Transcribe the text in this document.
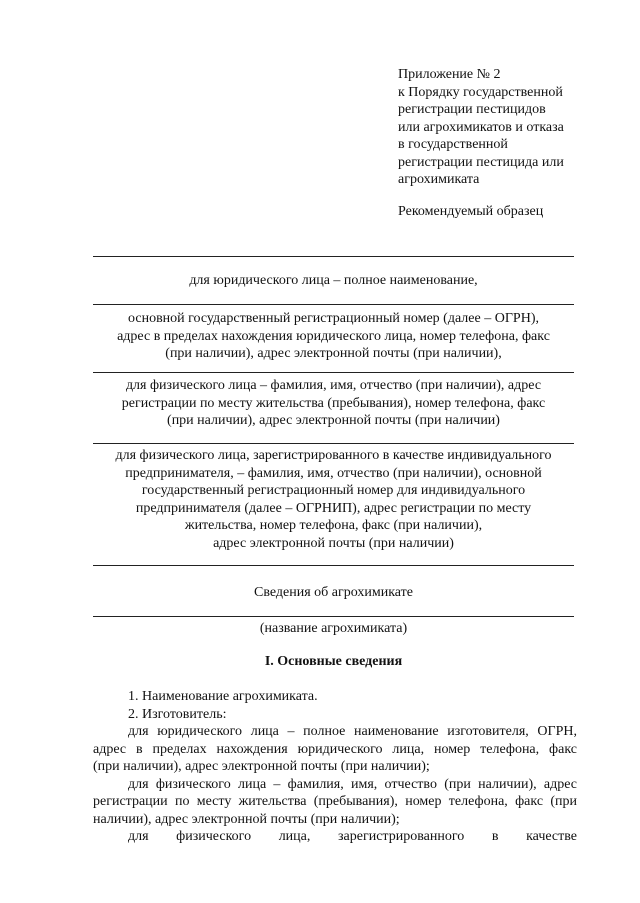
Приложение № 2
к Порядку государственной
регистрации пестицидов
или агрохимикатов и отказа
в государственной
регистрации пестицида или
агрохимиката
Рекомендуемый образец
для юридического лица – полное наименование,
основной государственный регистрационный номер (далее – ОГРН),
адрес в пределах нахождения юридического лица, номер телефона, факс
(при наличии), адрес электронной почты (при наличии),
для физического лица – фамилия, имя, отчество (при наличии), адрес
регистрации по месту жительства (пребывания), номер телефона, факс
(при наличии), адрес электронной почты (при наличии)
для физического лица, зарегистрированного в качестве индивидуального
предпринимателя, – фамилия, имя, отчество (при наличии), основной
государственный регистрационный номер для индивидуального
предпринимателя (далее – ОГРНИП), адрес регистрации по месту
жительства, номер телефона, факс (при наличии),
адрес электронной почты (при наличии)
Сведения об агрохимикате
(название агрохимиката)
I. Основные сведения
1. Наименование агрохимиката.
2. Изготовитель:
для юридического лица – полное наименование изготовителя, ОГРН,
адрес в пределах нахождения юридического лица, номер телефона, факс
(при наличии), адрес электронной почты (при наличии);
для физического лица – фамилия, имя, отчество (при наличии), адрес
регистрации по месту жительства (пребывания), номер телефона, факс (при
наличии), адрес электронной почты (при наличии);
для физического лица, зарегистрированного в качестве
